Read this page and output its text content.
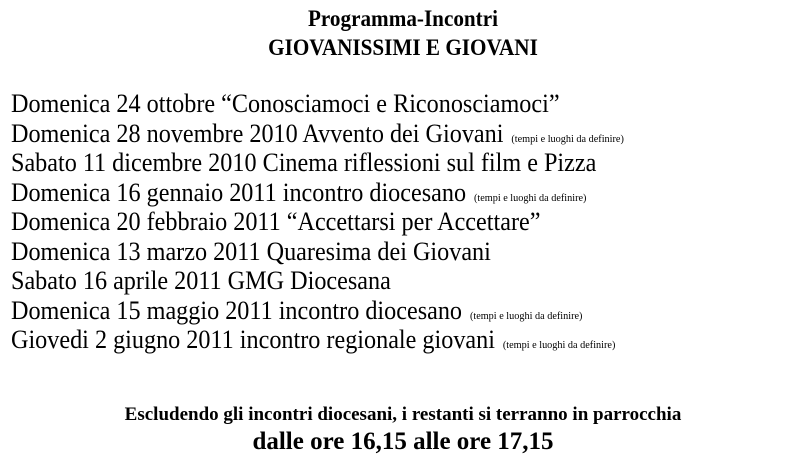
Programma-Incontri
GIOVANISSIMI E GIOVANI
Domenica 24 ottobre “Conosciamoci e Riconosciamoci”
Domenica 28 novembre 2010 Avvento dei Giovani (tempi e luoghi da definire)
Sabato 11 dicembre 2010 Cinema riflessioni sul film e Pizza
Domenica 16 gennaio 2011 incontro diocesano (tempi e luoghi da definire)
Domenica 20 febbraio 2011 “Accettarsi per Accettare”
Domenica 13 marzo 2011 Quaresima dei Giovani
Sabato 16 aprile 2011 GMG Diocesana
Domenica 15 maggio 2011 incontro diocesano (tempi e luoghi da definire)
Giovedi 2 giugno 2011 incontro regionale giovani (tempi e luoghi da definire)
Escludendo gli incontri diocesani, i restanti si terranno in parrocchia
dalle ore 16,15 alle ore 17,15
